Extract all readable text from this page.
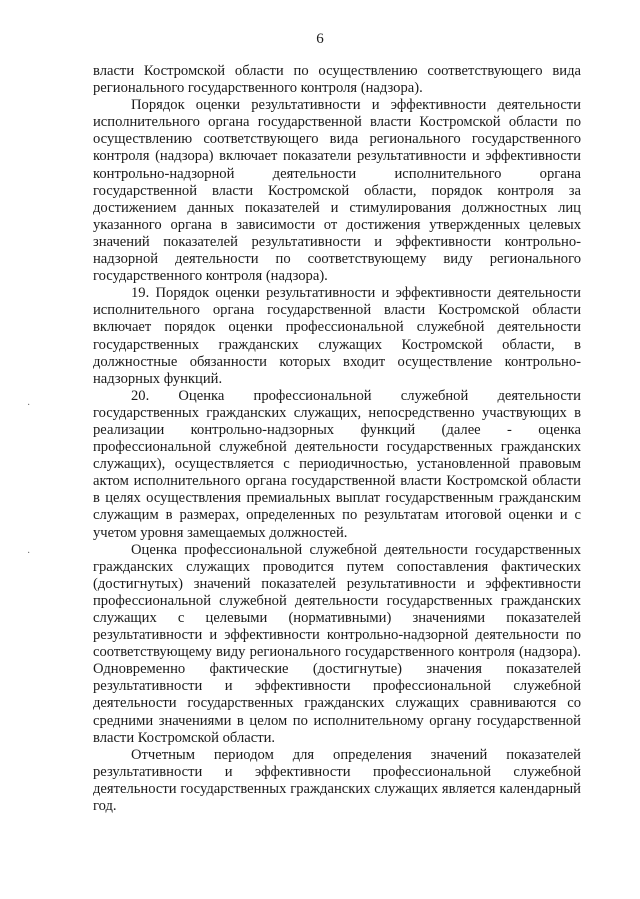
6
·
·

власти Костромской области по осуществлению соответствующего вида регионального государственного контроля (надзора).

Порядок оценки результативности и эффективности деятельности исполнительного органа государственной власти Костромской области по осуществлению соответствующего вида регионального государственного контроля (надзора) включает показатели результативности и эффективности контрольно-надзорной деятельности исполнительного органа государственной власти Костромской области, порядок контроля за достижением данных показателей и стимулирования должностных лиц указанного органа в зависимости от достижения утвержденных целевых значений показателей результативности и эффективности контрольно-надзорной деятельности по соответствующему виду регионального государственного контроля (надзора).

19. Порядок оценки результативности и эффективности деятельности исполнительного органа государственной власти Костромской области включает порядок оценки профессиональной служебной деятельности государственных гражданских служащих Костромской области, в должностные обязанности которых входит осуществление контрольно-надзорных функций.

20. Оценка профессиональной служебной деятельности государственных гражданских служащих, непосредственно участвующих в реализации контрольно-надзорных функций (далее - оценка профессиональной служебной деятельности государственных гражданских служащих), осуществляется с периодичностью, установленной правовым актом исполнительного органа государственной власти Костромской области в целях осуществления премиальных выплат государственным гражданским служащим в размерах, определенных по результатам итоговой оценки и с учетом уровня замещаемых должностей.

Оценка профессиональной служебной деятельности государственных гражданских служащих проводится путем сопоставления фактических (достигнутых) значений показателей результативности и эффективности профессиональной служебной деятельности государственных гражданских служащих с целевыми (нормативными) значениями показателей результативности и эффективности контрольно-надзорной деятельности по соответствующему виду регионального государственного контроля (надзора). Одновременно фактические (достигнутые) значения показателей результативности и эффективности профессиональной служебной деятельности государственных гражданских служащих сравниваются со средними значениями в целом по исполнительному органу государственной власти Костромской области.

Отчетным периодом для определения значений показателей результативности и эффективности профессиональной служебной деятельности государственных гражданских служащих является календарный год.
